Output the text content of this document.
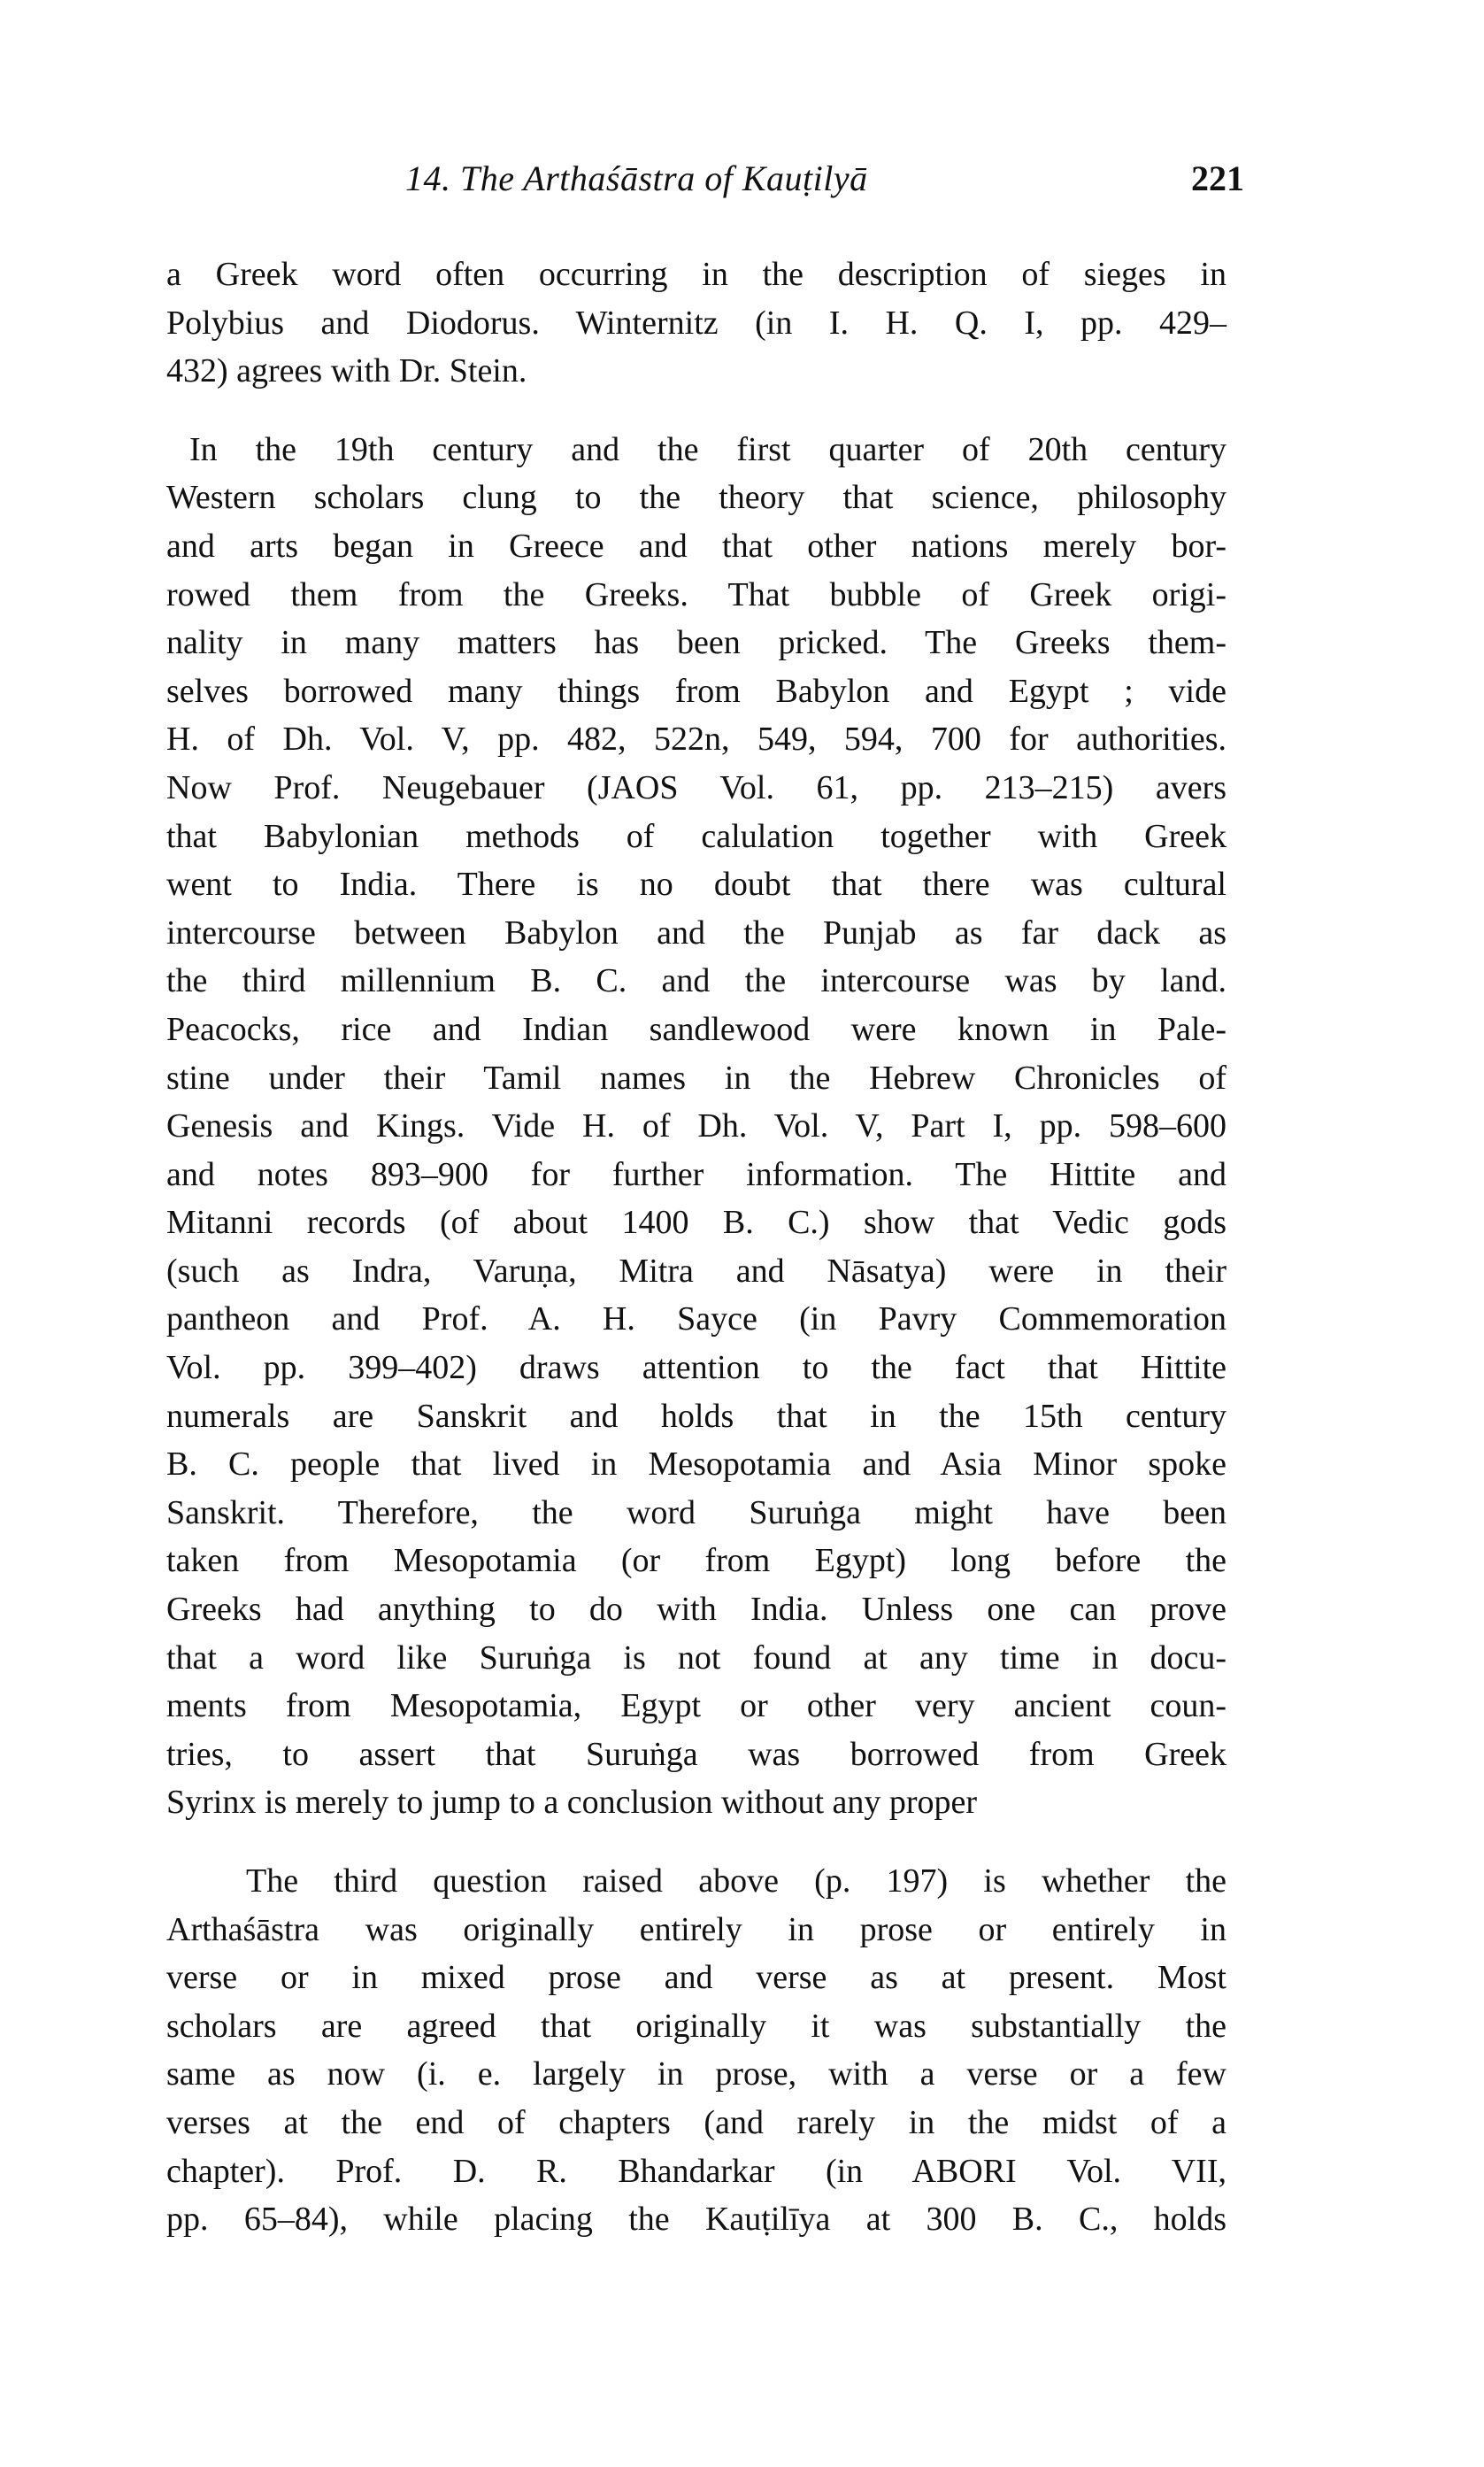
14. The Arthaśāstra of Kauṭilyā	221
a Greek word often occurring in the description of sieges in
Polybius and Diodorus. Winternitz (in I. H. Q. I, pp. 429–
432) agrees with Dr. Stein.
In the 19th century and the first quarter of 20th century
Western scholars clung to the theory that science, philosophy
and arts began in Greece and that other nations merely bor-
rowed them from the Greeks. That bubble of Greek origi-
nality in many matters has been pricked. The Greeks them-
selves borrowed many things from Babylon and Egypt ; vide
H. of Dh. Vol. V, pp. 482, 522n, 549, 594, 700 for authorities.
Now Prof. Neugebauer (JAOS Vol. 61, pp. 213–215) avers
that Babylonian methods of calulation together with Greek
went to India. There is no doubt that there was cultural
intercourse between Babylon and the Punjab as far dack as
the third millennium B. C. and the intercourse was by land.
Peacocks, rice and Indian sandlewood were known in Pale-
stine under their Tamil names in the Hebrew Chronicles of
Genesis and Kings. Vide H. of Dh. Vol. V, Part I, pp. 598–600
and notes 893–900 for further information. The Hittite and
Mitanni records (of about 1400 B. C.) show that Vedic gods
(such as Indra, Varuṇa, Mitra and Nāsatya) were in their
pantheon and Prof. A. H. Sayce (in Pavry Commemoration
Vol. pp. 399–402) draws attention to the fact that Hittite
numerals are Sanskrit and holds that in the 15th century
B. C. people that lived in Mesopotamia and Asia Minor spoke
Sanskrit. Therefore, the word Suruṅga might have been
taken from Mesopotamia (or from Egypt) long before the
Greeks had anything to do with India. Unless one can prove
that a word like Suruṅga is not found at any time in docu-
ments from Mesopotamia, Egypt or other very ancient coun-
tries, to assert that Suruṅga was borrowed from Greek
Syrinx is merely to jump to a conclusion without any proper
The third question raised above (p. 197) is whether the
Arthaśāstra was originally entirely in prose or entirely in
verse or in mixed prose and verse as at present. Most
scholars are agreed that originally it was substantially the
same as now (i. e. largely in prose, with a verse or a few
verses at the end of chapters (and rarely in the midst of a
chapter). Prof. D. R. Bhandarkar (in ABORI Vol. VII,
pp. 65–84), while placing the Kauṭilīya at 300 B. C., holds
